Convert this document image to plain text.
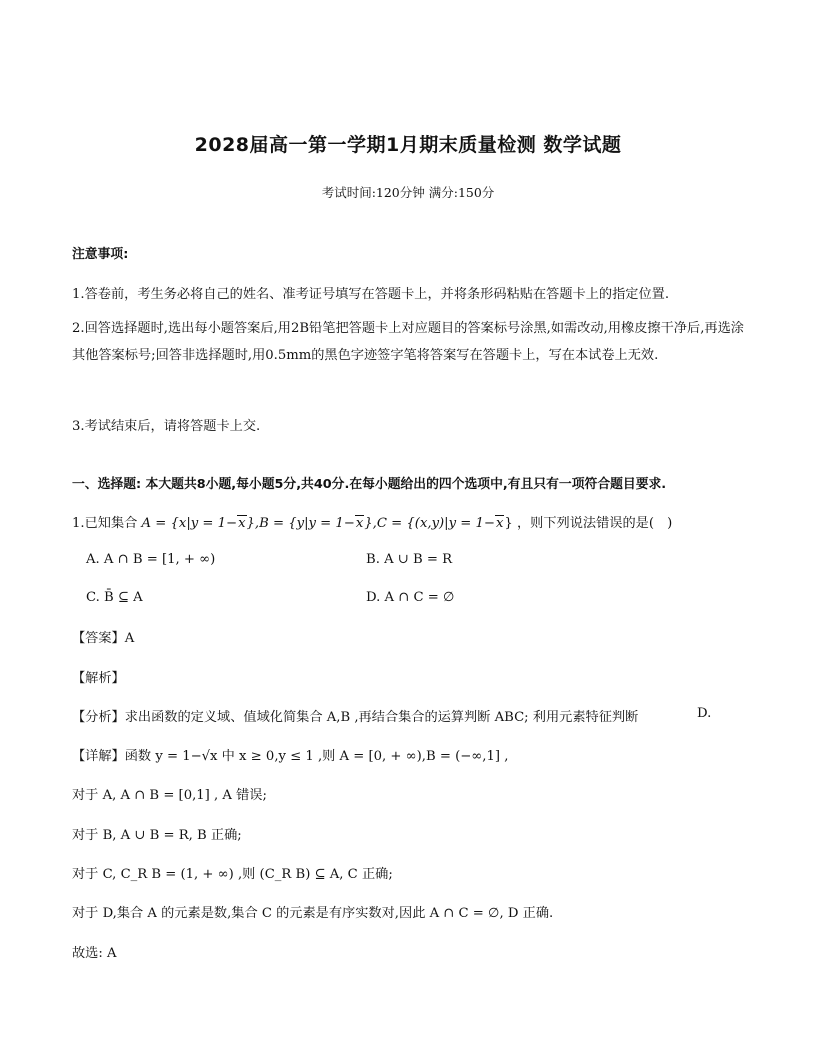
2028届高一第一学期1月期末质量检测 数学试题
考试时间:120分钟 满分:150分
注意事项:
1.答卷前，考生务必将自己的姓名、准考证号填写在答题卡上，并将条形码粘贴在答题卡上的指定位置.
2.回答选择题时,选出每小题答案后,用2B铅笔把答题卡上对应题目的答案标号涂黑,如需改动,用橡皮擦干净后,再选涂其他答案标号;回答非选择题时,用0.5mm的黑色字迹签字笔将答案写在答题卡上，写在本试卷上无效.
3.考试结束后，请将答题卡上交.
一、选择题: 本大题共8小题,每小题5分,共40分.在每小题给出的四个选项中,有且只有一项符合题目要求.
1.已知集合 A = {x|y = 1−x},B = {y|y = 1−x},C = {(x,y)|y = 1−x} ，则下列说法错误的是(　)
A. A ∩ B = [1, + ∞)	B. A ∪ B = R
C. B̄ ⊆ A	D. A ∩ C = ∅
【答案】A
【解析】
【分析】求出函数的定义域、值域化简集合 A,B ,再结合集合的运算判断 ABC; 利用元素特征判断	D.
【详解】函数 y = 1−√x 中 x ≥ 0,y ≤ 1 ,则 A = [0, + ∞),B = (−∞,1] ,
对于 A, A ∩ B = [0,1] , A 错误;
对于 B, A ∪ B = R, B 正确;
对于 C, C_R B = (1, + ∞) ,则 (C_R B) ⊆ A, C 正确;
对于 D,集合 A 的元素是数,集合 C 的元素是有序实数对,因此 A ∩ C = ∅, D 正确.
故选: A
